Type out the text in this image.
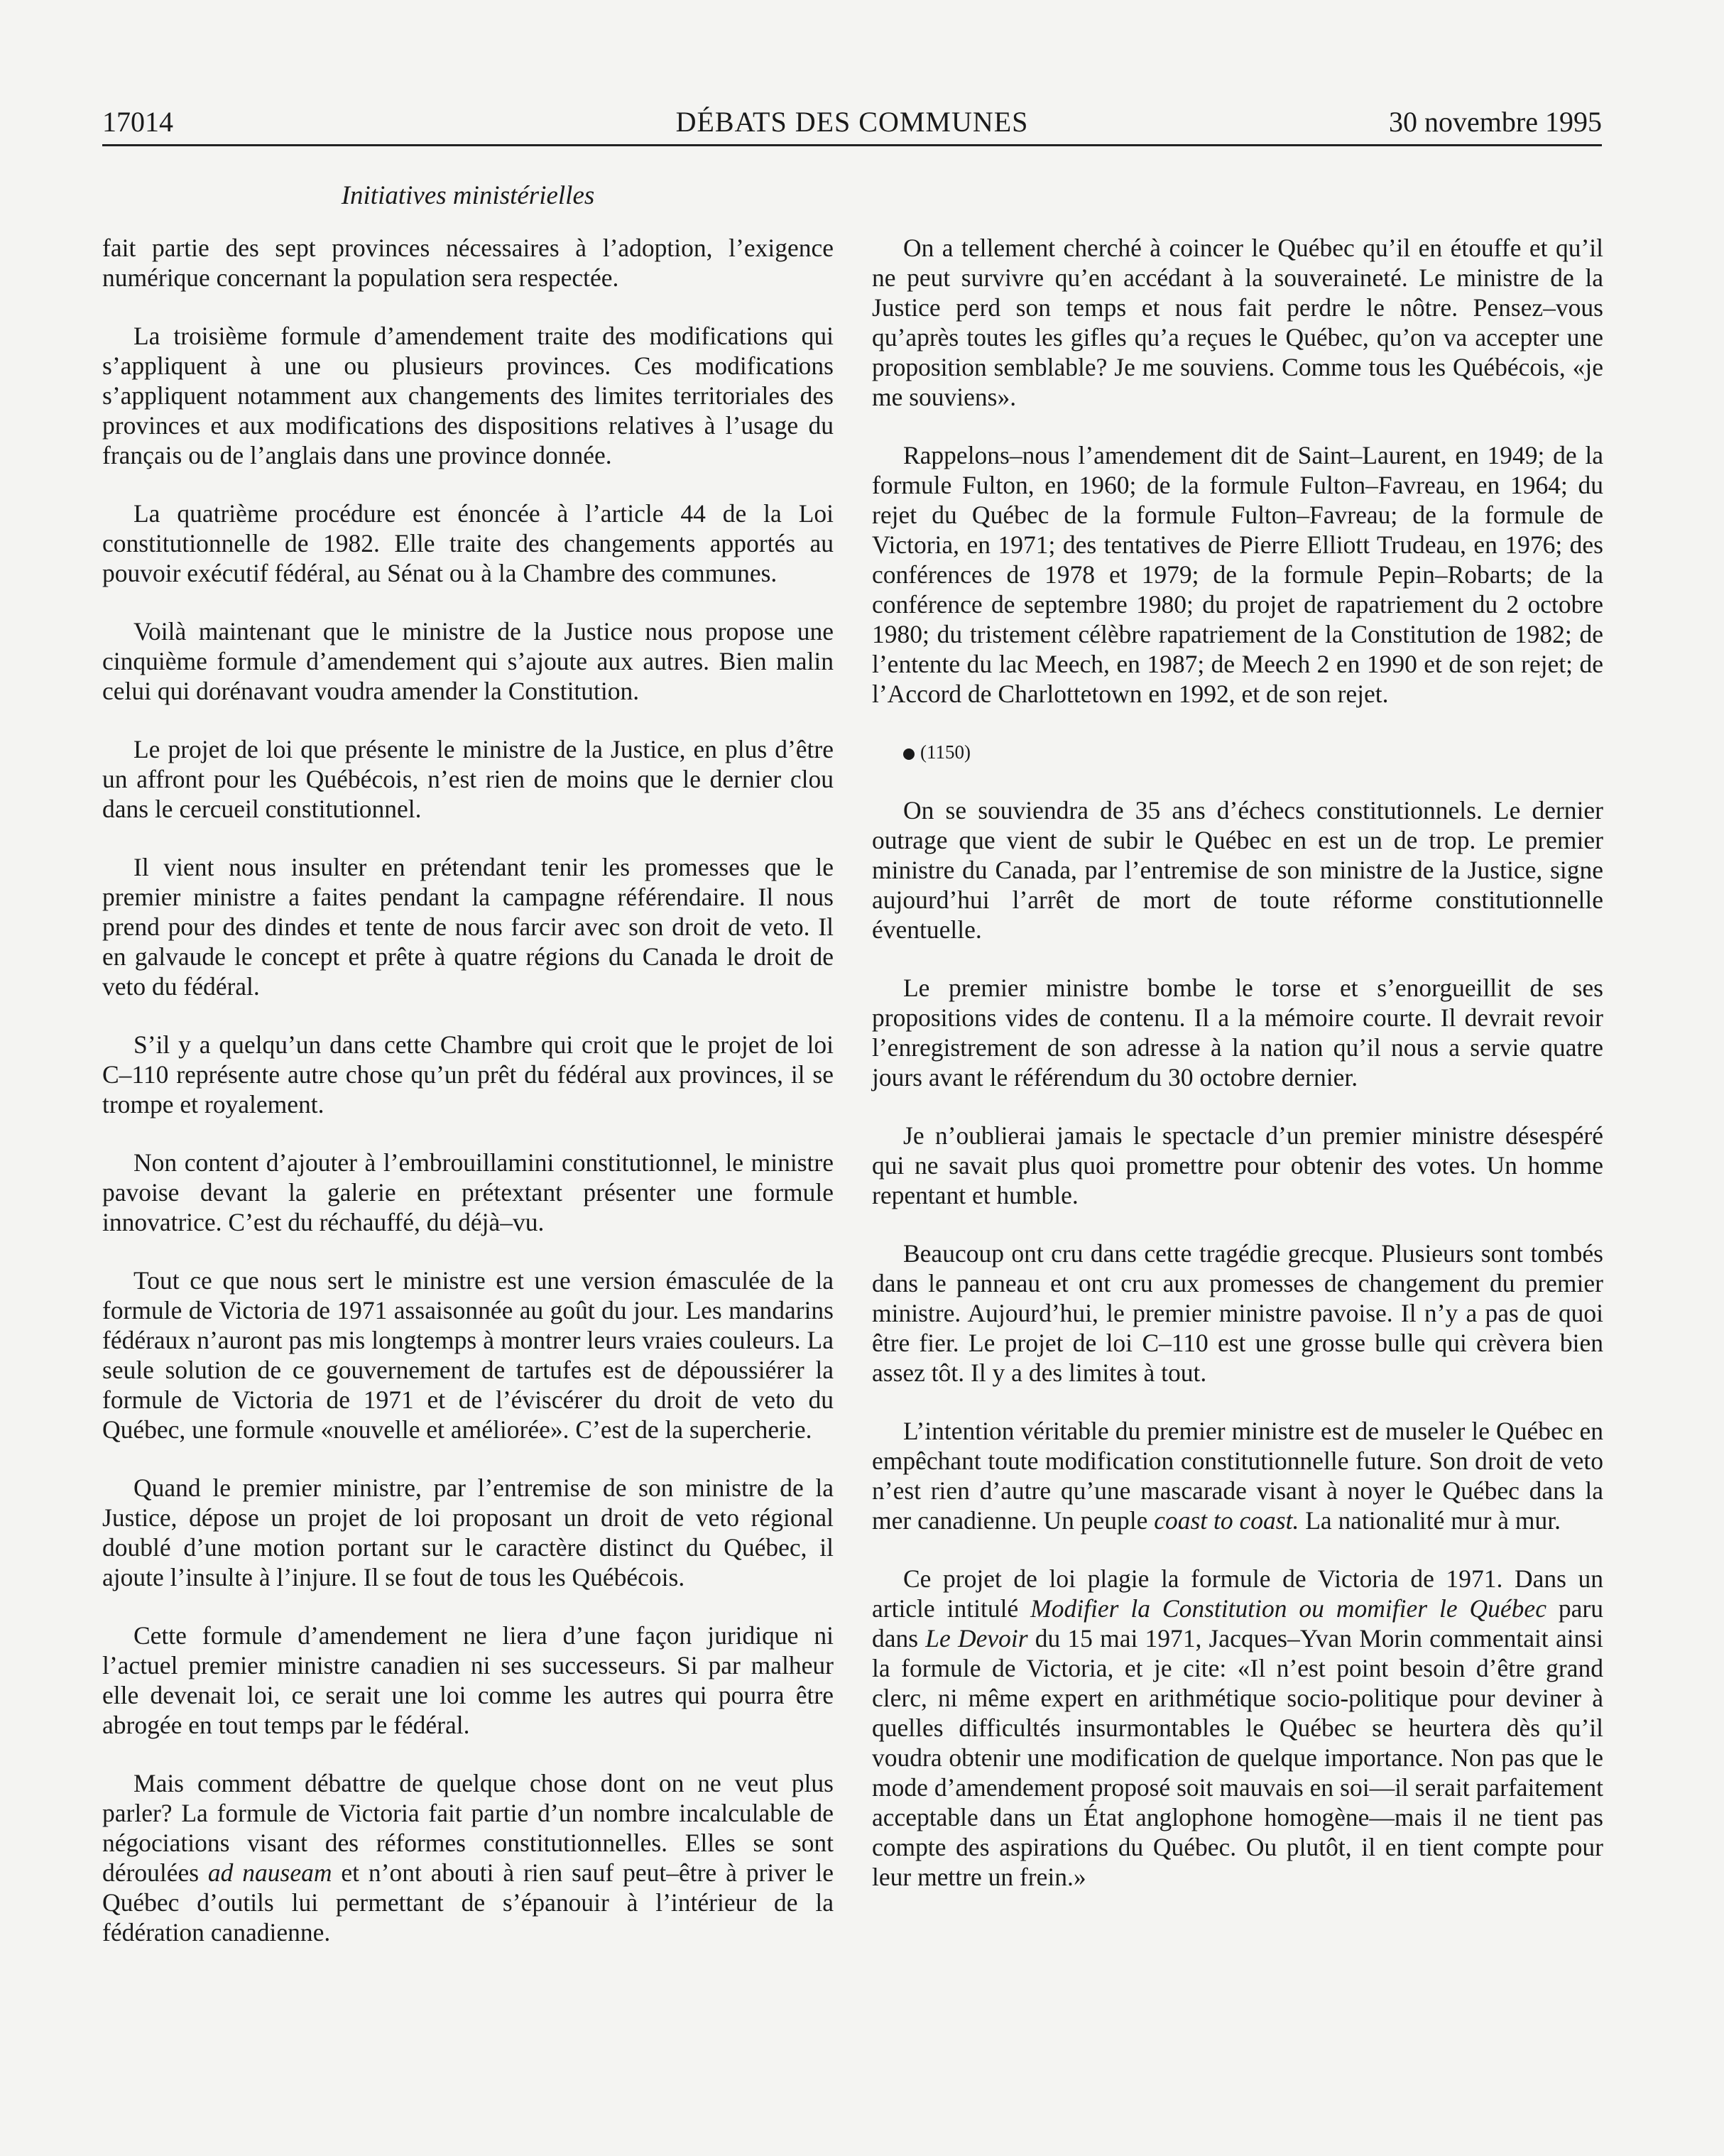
17014	DÉBATS DES COMMUNES	30 novembre 1995
Initiatives ministérielles

fait partie des sept provinces nécessaires à l’adoption, l’exigence numérique concernant la population sera respectée.

La troisième formule d’amendement traite des modifications qui s’appliquent à une ou plusieurs provinces. Ces modifications s’appliquent notamment aux changements des limites territoriales des provinces et aux modifications des dispositions relatives à l’usage du français ou de l’anglais dans une province donnée.

La quatrième procédure est énoncée à l’article 44 de la Loi constitutionnelle de 1982. Elle traite des changements apportés au pouvoir exécutif fédéral, au Sénat ou à la Chambre des communes.

Voilà maintenant que le ministre de la Justice nous propose une cinquième formule d’amendement qui s’ajoute aux autres. Bien malin celui qui dorénavant voudra amender la Constitution.

Le projet de loi que présente le ministre de la Justice, en plus d’être un affront pour les Québécois, n’est rien de moins que le dernier clou dans le cercueil constitutionnel.

Il vient nous insulter en prétendant tenir les promesses que le premier ministre a faites pendant la campagne référendaire. Il nous prend pour des dindes et tente de nous farcir avec son droit de veto. Il en galvaude le concept et prête à quatre régions du Canada le droit de veto du fédéral.

S’il y a quelqu’un dans cette Chambre qui croit que le projet de loi C–110 représente autre chose qu’un prêt du fédéral aux provinces, il se trompe et royalement.

Non content d’ajouter à l’embrouillamini constitutionnel, le ministre pavoise devant la galerie en prétextant présenter une formule innovatrice. C’est du réchauffé, du déjà–vu.

Tout ce que nous sert le ministre est une version émasculée de la formule de Victoria de 1971 assaisonnée au goût du jour. Les mandarins fédéraux n’auront pas mis longtemps à montrer leurs vraies couleurs. La seule solution de ce gouvernement de tartufes est de dépoussiérer la formule de Victoria de 1971 et de l’éviscérer du droit de veto du Québec, une formule «nouvelle et améliorée». C’est de la supercherie.

Quand le premier ministre, par l’entremise de son ministre de la Justice, dépose un projet de loi proposant un droit de veto régional doublé d’une motion portant sur le caractère distinct du Québec, il ajoute l’insulte à l’injure. Il se fout de tous les Québécois.

Cette formule d’amendement ne liera d’une façon juridique ni l’actuel premier ministre canadien ni ses successeurs. Si par malheur elle devenait loi, ce serait une loi comme les autres qui pourra être abrogée en tout temps par le fédéral.

Mais comment débattre de quelque chose dont on ne veut plus parler? La formule de Victoria fait partie d’un nombre incalculable de négociations visant des réformes constitutionnelles. Elles se sont déroulées ad nauseam et n’ont abouti à rien sauf peut–être à priver le Québec d’outils lui permettant de s’épanouir à l’intérieur de la fédération canadienne.

On a tellement cherché à coincer le Québec qu’il en étouffe et qu’il ne peut survivre qu’en accédant à la souveraineté. Le ministre de la Justice perd son temps et nous fait perdre le nôtre. Pensez–vous qu’après toutes les gifles qu’a reçues le Québec, qu’on va accepter une proposition semblable? Je me souviens. Comme tous les Québécois, «je me souviens».

Rappelons–nous l’amendement dit de Saint–Laurent, en 1949; de la formule Fulton, en 1960; de la formule Fulton–Favreau, en 1964; du rejet du Québec de la formule Fulton–Favreau; de la formule de Victoria, en 1971; des tentatives de Pierre Elliott Trudeau, en 1976; des conférences de 1978 et 1979; de la formule Pepin–Robarts; de la conférence de septembre 1980; du projet de rapatriement du 2 octobre 1980; du tristement célèbre rapatriement de la Constitution de 1982; de l’entente du lac Meech, en 1987; de Meech 2 en 1990 et de son rejet; de l’Accord de Charlottetown en 1992, et de son rejet.

(1150)

On se souviendra de 35 ans d’échecs constitutionnels. Le dernier outrage que vient de subir le Québec en est un de trop. Le premier ministre du Canada, par l’entremise de son ministre de la Justice, signe aujourd’hui l’arrêt de mort de toute réforme constitutionnelle éventuelle.

Le premier ministre bombe le torse et s’enorgueillit de ses propositions vides de contenu. Il a la mémoire courte. Il devrait revoir l’enregistrement de son adresse à la nation qu’il nous a servie quatre jours avant le référendum du 30 octobre dernier.

Je n’oublierai jamais le spectacle d’un premier ministre désespéré qui ne savait plus quoi promettre pour obtenir des votes. Un homme repentant et humble.

Beaucoup ont cru dans cette tragédie grecque. Plusieurs sont tombés dans le panneau et ont cru aux promesses de changement du premier ministre. Aujourd’hui, le premier ministre pavoise. Il n’y a pas de quoi être fier. Le projet de loi C–110 est une grosse bulle qui crèvera bien assez tôt. Il y a des limites à tout.

L’intention véritable du premier ministre est de museler le Québec en empêchant toute modification constitutionnelle future. Son droit de veto n’est rien d’autre qu’une mascarade visant à noyer le Québec dans la mer canadienne. Un peuple coast to coast. La nationalité mur à mur.

Ce projet de loi plagie la formule de Victoria de 1971. Dans un article intitulé Modifier la Constitution ou momifier le Québec paru dans Le Devoir du 15 mai 1971, Jacques–Yvan Morin commentait ainsi la formule de Victoria, et je cite: «Il n’est point besoin d’être grand clerc, ni même expert en arithmétique socio-politique pour deviner à quelles difficultés insurmontables le Québec se heurtera dès qu’il voudra obtenir une modification de quelque importance. Non pas que le mode d’amendement proposé soit mauvais en soi—il serait parfaitement acceptable dans un État anglophone homogène—mais il ne tient pas compte des aspirations du Québec. Ou plutôt, il en tient compte pour leur mettre un frein.»
